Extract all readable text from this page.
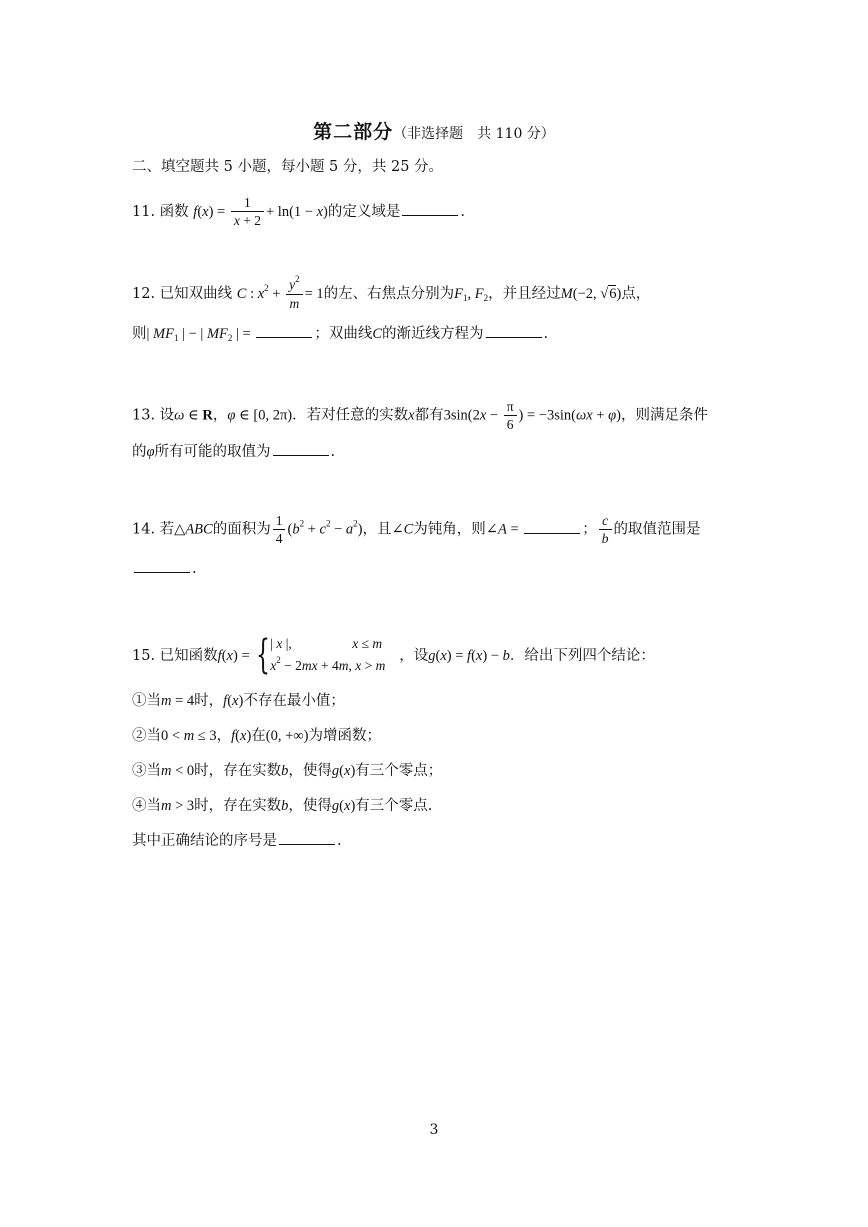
第二部分（非选择题　共 110 分）
二、填空题共 5 小题，每小题 5 分，共 25 分。
11. 函数 $f(x) = \frac{1}{x + 2} + \ln(1 - x)$的定义域是	.
12. 已知双曲线 C : $x^2 + \frac{y^2}{m} = 1$的左、右焦点分别为$F_1$, $F_2$，并且经过M(−2, √6)点，
则| $MF_1$ | − | $MF_2$ | =	；双曲线C的渐近线方程为	.
13. 设ω ∈ R，φ ∈ [0, 2π)．若对任意的实数x都有$3\sin(2x - \frac{\pi}{6}$ ) = −3sin(ωx + φ)，则满足条件
的φ所有可能的取值为	.
14. 若△ABC的面积为 $\frac{1}{4} (b^2 + c^2 - a^2)$，且∠C为钝角，则∠A =	； $\frac{c}{b}$ 的取值范围是
.
15. 已知函数f(x) = { | x |,	x ≤ m
$x^2 - 2mx + 4m$, x > m
，设g(x) = f(x) − b．给出下列四个结论：
①当m = 4时，f(x)不存在最小值；
②当0 < m ≤ 3，f(x)在(0, +∞)为增函数；
③当m < 0时，存在实数b，使得g(x)有三个零点；
④当m > 3时，存在实数b，使得g(x)有三个零点.
其中正确结论的序号是	.
3
